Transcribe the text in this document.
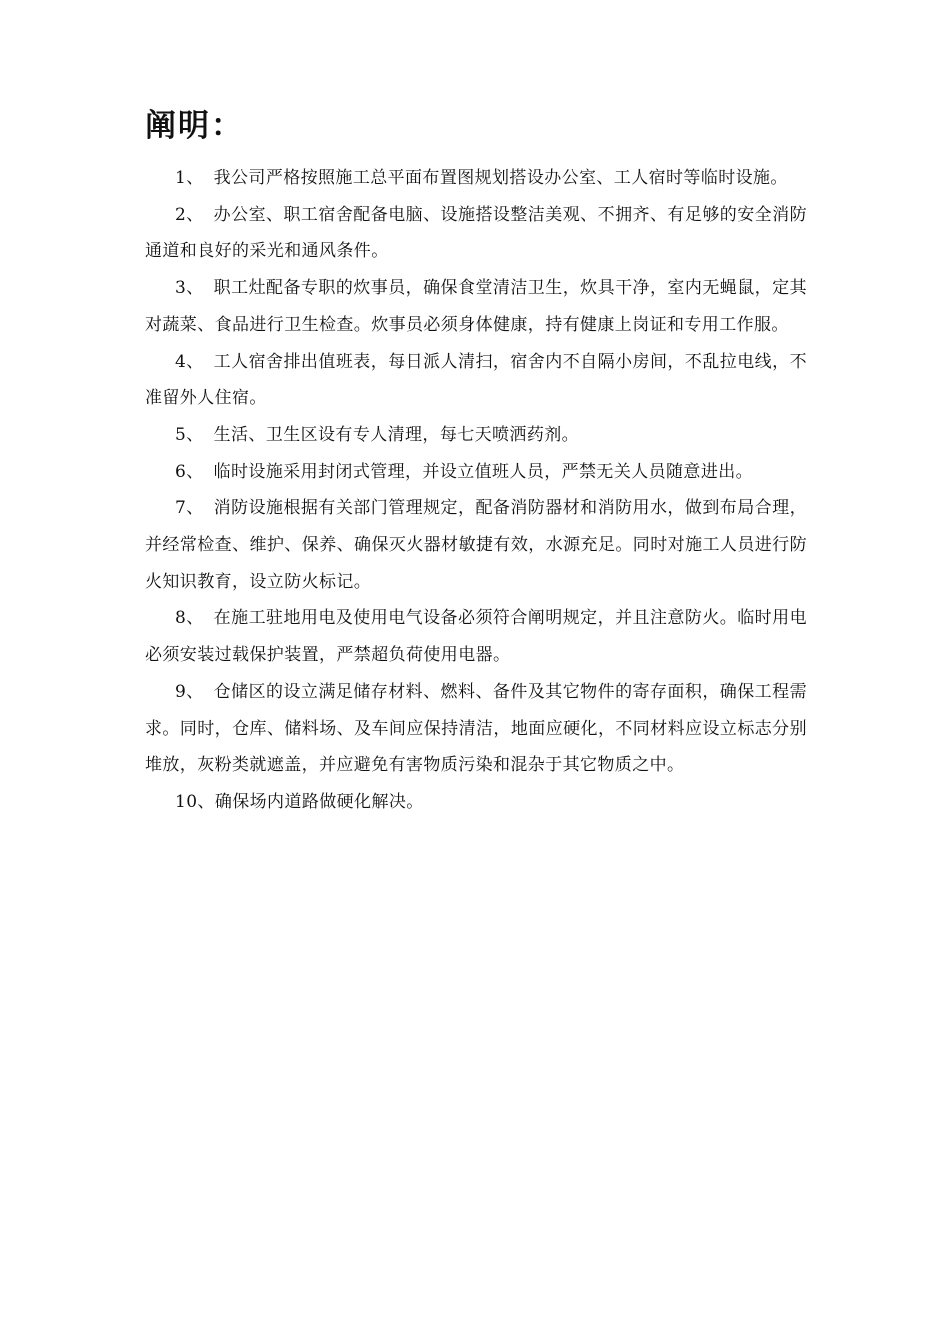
阐明：

1、 我公司严格按照施工总平面布置图规划搭设办公室、工人宿时等临时设施。

2、 办公室、职工宿舍配备电脑、设施搭设整洁美观、不拥齐、有足够的安全消防通道和良好的采光和通风条件。

3、 职工灶配备专职的炊事员，确保食堂清洁卫生，炊具干净，室内无蝇鼠，定其对蔬菜、食品进行卫生检查。炊事员必须身体健康，持有健康上岗证和专用工作服。

4、 工人宿舍排出值班表，每日派人清扫，宿舍内不自隔小房间，不乱拉电线，不准留外人住宿。

5、 生活、卫生区设有专人清理，每七天喷洒药剂。

6、 临时设施采用封闭式管理，并设立值班人员，严禁无关人员随意进出。

7、 消防设施根据有关部门管理规定，配备消防器材和消防用水，做到布局合理，并经常检查、维护、保养、确保灭火器材敏捷有效，水源充足。同时对施工人员进行防火知识教育，设立防火标记。

8、 在施工驻地用电及使用电气设备必须符合阐明规定，并且注意防火。临时用电必须安装过载保护装置，严禁超负荷使用电器。

9、 仓储区的设立满足储存材料、燃料、备件及其它物件的寄存面积，确保工程需求。同时，仓库、储料场、及车间应保持清洁，地面应硬化，不同材料应设立标志分别堆放，灰粉类就遮盖，并应避免有害物质污染和混杂于其它物质之中。

10、确保场内道路做硬化解决。
